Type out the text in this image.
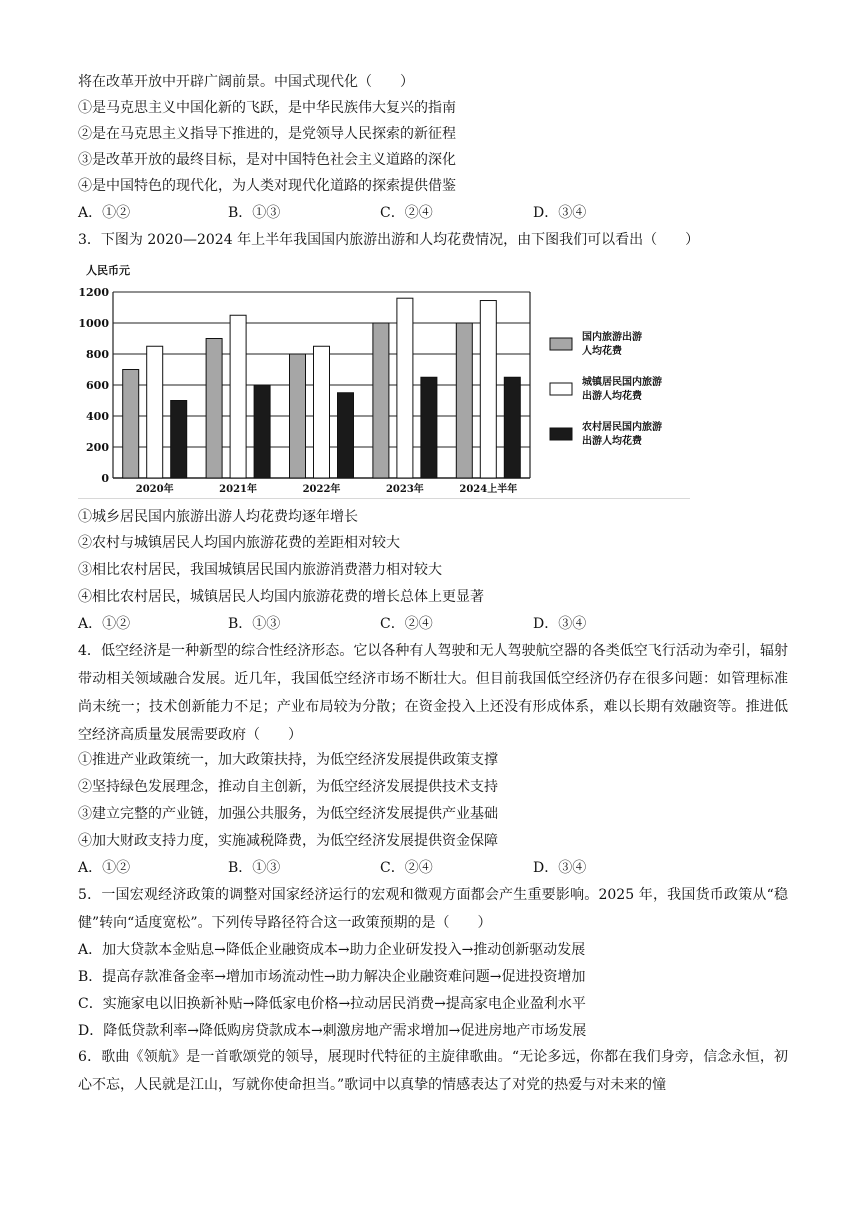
将在改革开放中开辟广阔前景。中国式现代化（　　）
①是马克思主义中国化新的飞跃，是中华民族伟大复兴的指南
②是在马克思主义指导下推进的，是党领导人民探索的新征程
③是改革开放的最终目标，是对中国特色社会主义道路的深化
④是中国特色的现代化，为人类对现代化道路的探索提供借鉴
A．①②	B．①③	C．②④	D．③④
3．下图为 2020—2024 年上半年我国国内旅游出游和人均花费情况，由下图我们可以看出（　　）
人民币元
0
200
400
600
800
1000
1200
2020年	2021年	2022年	2023年	2024上半年
国内旅游出游
人均花费
城镇居民国内旅游
出游人均花费
农村居民国内旅游
出游人均花费
①城乡居民国内旅游出游人均花费均逐年增长
②农村与城镇居民人均国内旅游花费的差距相对较大
③相比农村居民，我国城镇居民国内旅游消费潜力相对较大
④相比农村居民，城镇居民人均国内旅游花费的增长总体上更显著
A．①②	B．①③	C．②④	D．③④
4．低空经济是一种新型的综合性经济形态。它以各种有人驾驶和无人驾驶航空器的各类低空飞行活动为牵引，辐射带动相关领域融合发展。近几年，我国低空经济市场不断壮大。但目前我国低空经济仍存在很多问题：如管理标准尚未统一；技术创新能力不足；产业布局较为分散；在资金投入上还没有形成体系，难以长期有效融资等。推进低空经济高质量发展需要政府（　　）
①推进产业政策统一，加大政策扶持，为低空经济发展提供政策支撑
②坚持绿色发展理念，推动自主创新，为低空经济发展提供技术支持
③建立完整的产业链，加强公共服务，为低空经济发展提供产业基础
④加大财政支持力度，实施减税降费，为低空经济发展提供资金保障
A．①②	B．①③	C．②④	D．③④
5．一国宏观经济政策的调整对国家经济运行的宏观和微观方面都会产生重要影响。2025 年，我国货币政策从“稳健”转向“适度宽松”。下列传导路径符合这一政策预期的是（　　）
A．加大贷款本金贴息→降低企业融资成本→助力企业研发投入→推动创新驱动发展
B．提高存款准备金率→增加市场流动性→助力解决企业融资难问题→促进投资增加
C．实施家电以旧换新补贴→降低家电价格→拉动居民消费→提高家电企业盈利水平
D．降低贷款利率→降低购房贷款成本→刺激房地产需求增加→促进房地产市场发展
6．歌曲《领航》是一首歌颂党的领导，展现时代特征的主旋律歌曲。“无论多远，你都在我们身旁，信念永恒，初心不忘，人民就是江山，写就你使命担当。”歌词中以真挚的情感表达了对党的热爱与对未来的憧
